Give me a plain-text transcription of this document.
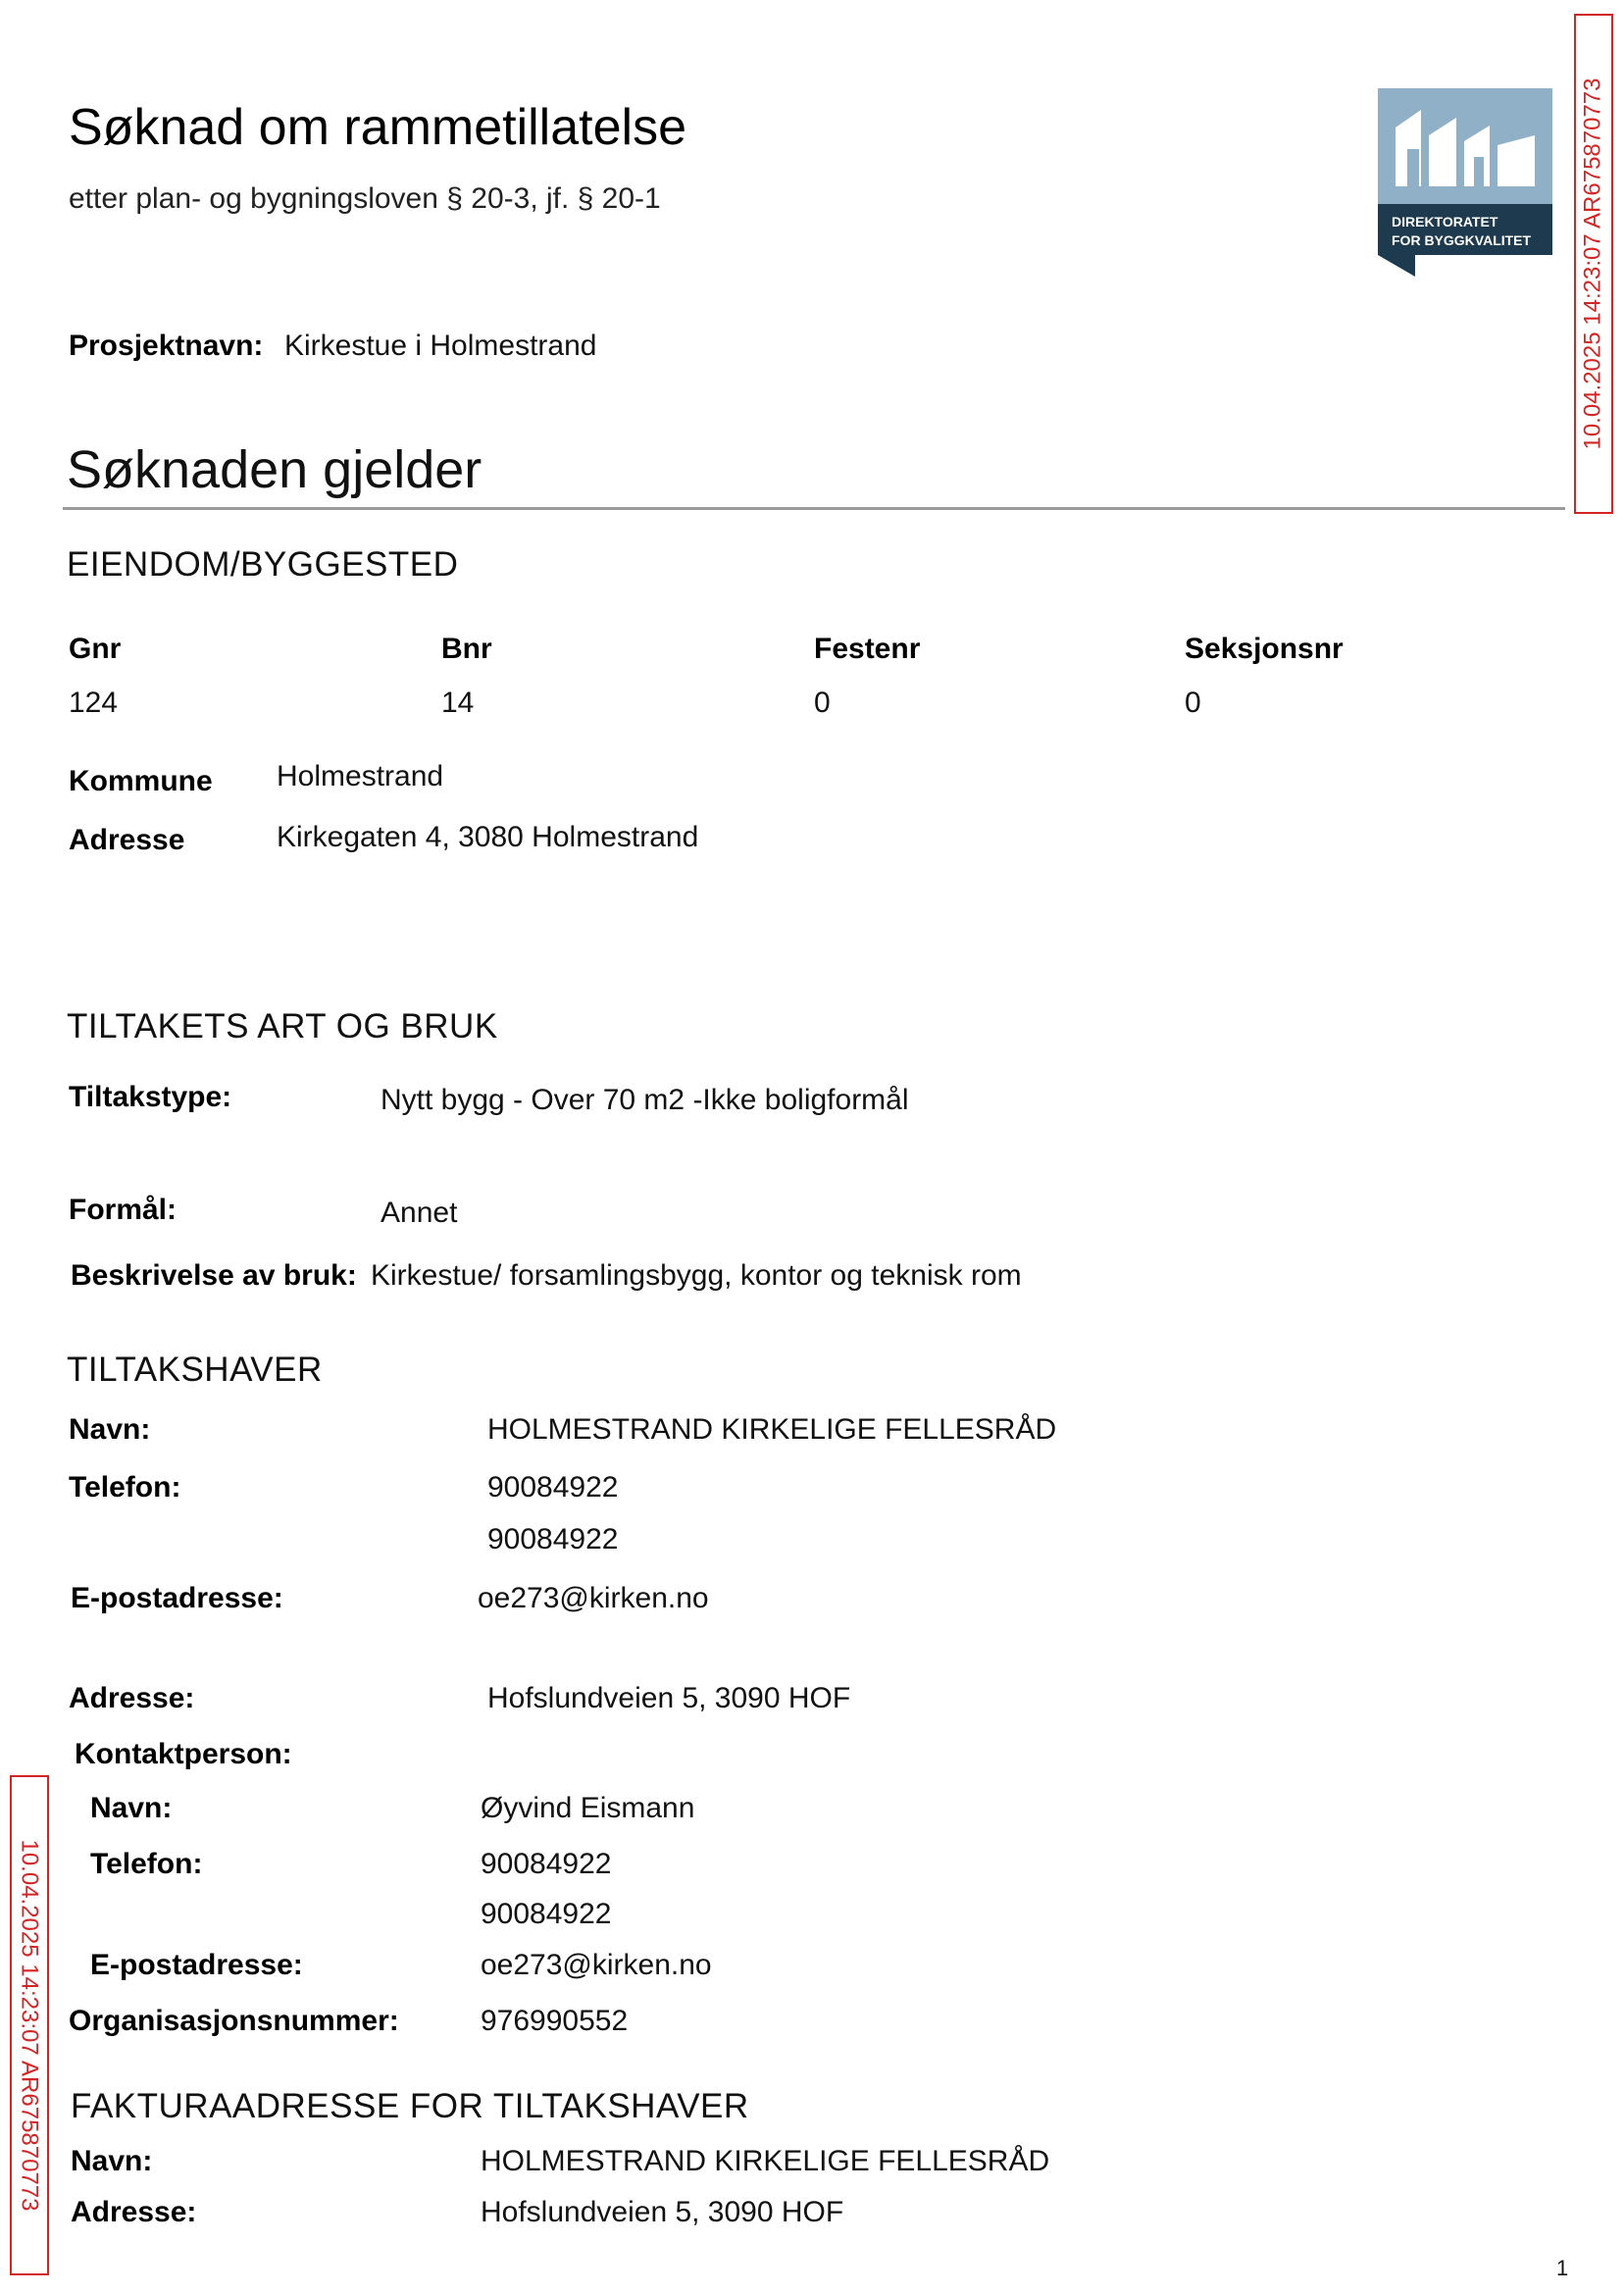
Søknad om rammetillatelse
etter plan- og bygningsloven § 20-3, jf. § 20-1
DIREKTORATET
FOR BYGGKVALITET 10.04.2025 14:23:07 AR675870773
10.04.2025 14:23:07 AR675870773
Prosjektnavn: Kirkestue i Holmestrand
Søknaden gjelder
EIENDOM/BYGGESTED
Gnr	Bnr	Festenr	Seksjonsnr
124	14	0	0
Kommune Holmestrand
Adresse	Kirkegaten 4, 3080 Holmestrand
TILTAKETS ART OG BRUK
Tiltakstype:	Nytt bygg - Over 70 m2 -Ikke boligformål
Formål:	Annet
Beskrivelse av bruk: Kirkestue/ forsamlingsbygg, kontor og teknisk rom
TILTAKSHAVER
Navn:	HOLMESTRAND KIRKELIGE FELLESRÅD
Telefon:	90084922
90084922
E-postadresse:	oe273@kirken.no
Adresse:	Hofslundveien 5, 3090 HOF
Kontaktperson:
Navn:	Øyvind Eismann
Telefon:	90084922
90084922
E-postadresse:	oe273@kirken.no
Organisasjonsnummer:	976990552
FAKTURAADRESSE FOR TILTAKSHAVER
Navn:	HOLMESTRAND KIRKELIGE FELLESRÅD
Adresse:	Hofslundveien 5, 3090 HOF
1
